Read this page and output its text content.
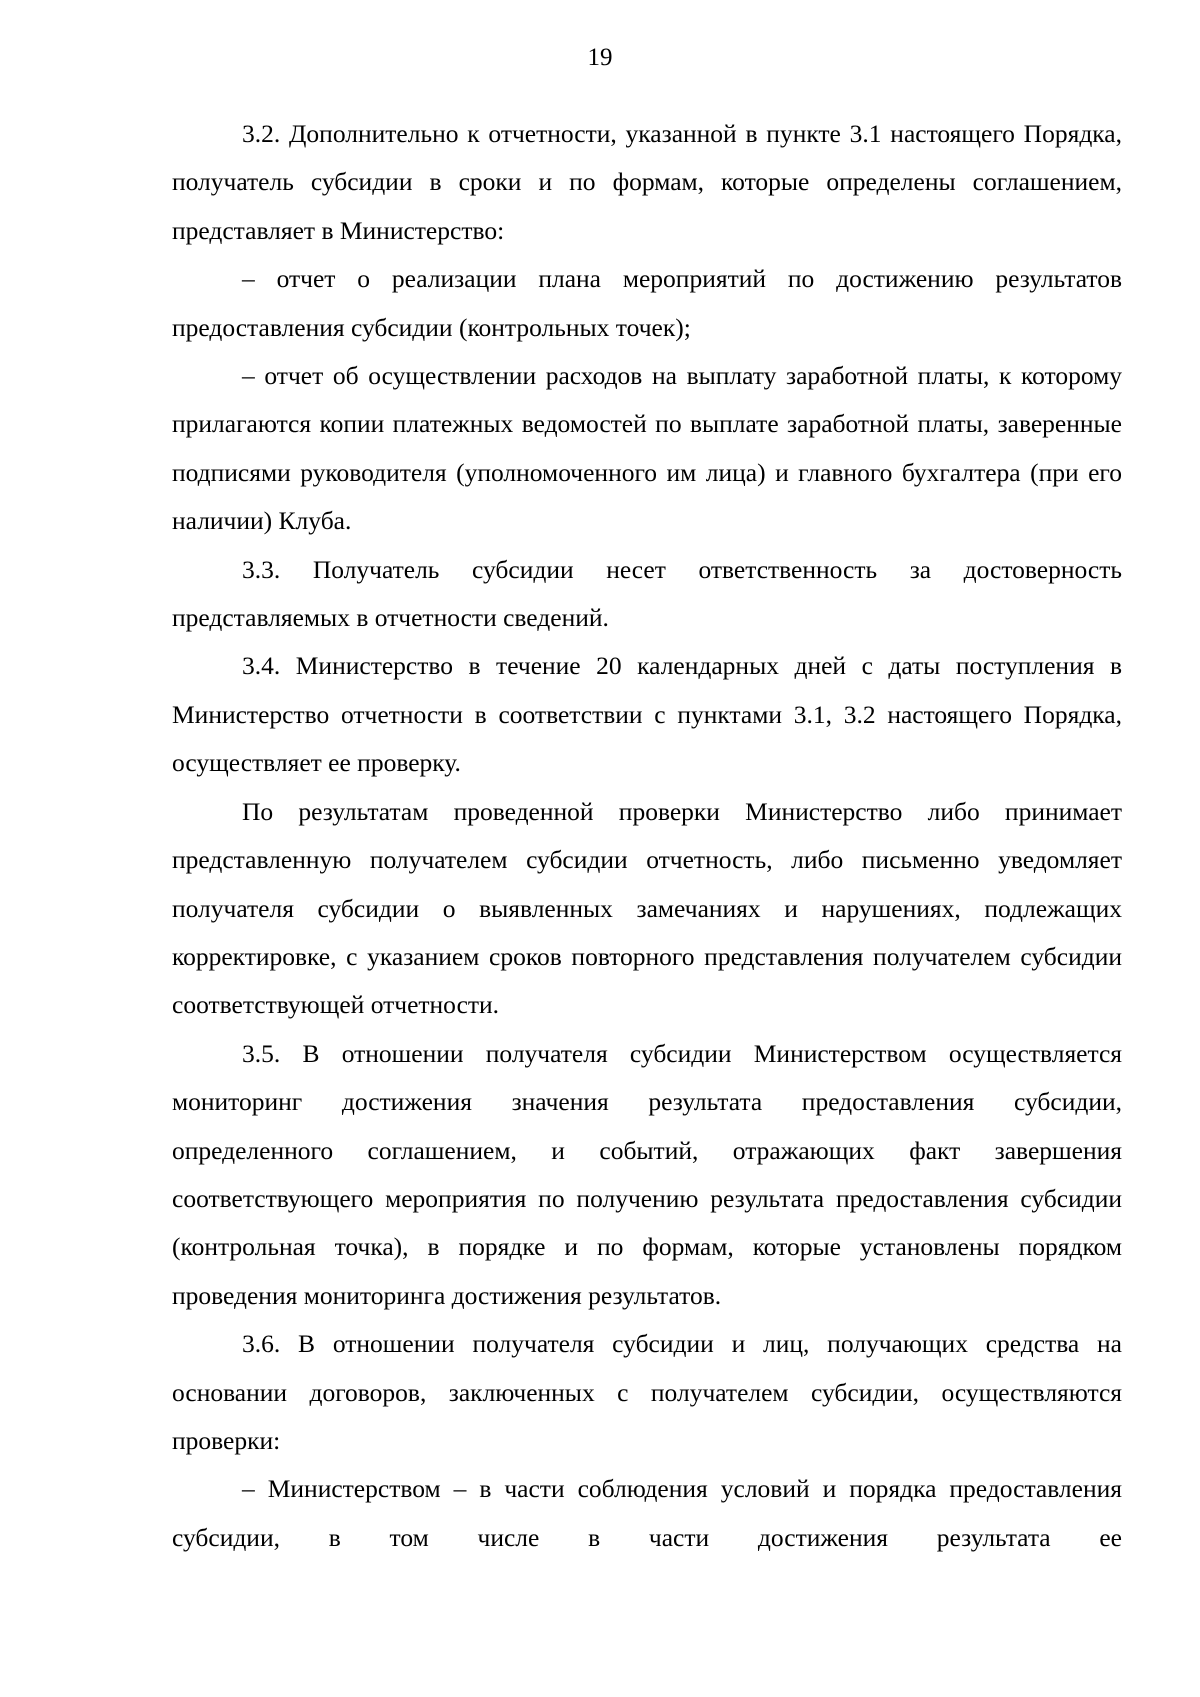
19

3.2. Дополнительно к отчетности, указанной в пункте 3.1 настоящего Порядка, получатель субсидии в сроки и по формам, которые определены соглашением, представляет в Министерство:

– отчет о реализации плана мероприятий по достижению результатов предоставления субсидии (контрольных точек);

– отчет об осуществлении расходов на выплату заработной платы, к которому прилагаются копии платежных ведомостей по выплате заработной платы, заверенные подписями руководителя (уполномоченного им лица) и главного бухгалтера (при его наличии) Клуба.

3.3. Получатель субсидии несет ответственность за достоверность представляемых в отчетности сведений.

3.4. Министерство в течение 20 календарных дней с даты поступления в Министерство отчетности в соответствии с пунктами 3.1, 3.2 настоящего Порядка, осуществляет ее проверку.

По результатам проведенной проверки Министерство либо принимает представленную получателем субсидии отчетность, либо письменно уведомляет получателя субсидии о выявленных замечаниях и нарушениях, подлежащих корректировке, с указанием сроков повторного представления получателем субсидии соответствующей отчетности.

3.5. В отношении получателя субсидии Министерством осуществляется мониторинг достижения значения результата предоставления субсидии, определенного соглашением, и событий, отражающих факт завершения соответствующего мероприятия по получению результата предоставления субсидии (контрольная точка), в порядке и по формам, которые установлены порядком проведения мониторинга достижения результатов.

3.6. В отношении получателя субсидии и лиц, получающих средства на основании договоров, заключенных с получателем субсидии, осуществляются проверки:

– Министерством – в части соблюдения условий и порядка предоставления субсидии, в том числе в части достижения результата ее
